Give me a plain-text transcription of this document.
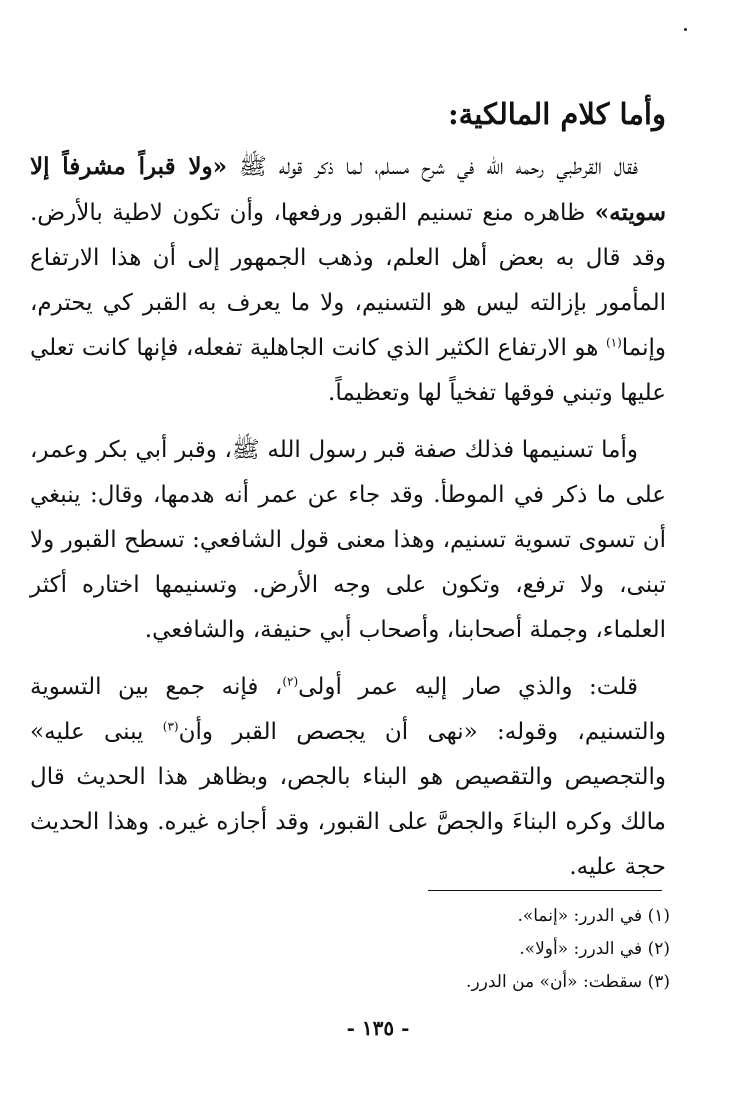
وأما كلام المالكية:
فقال القرطبي رحمه الله في شرح مسلم، لما ذكر قوله ﷺ «ولا قبراً مشرفاً إلا سويته» ظاهره منع تسنيم القبور ورفعها، وأن تكون لاطية بالأرض. وقد قال به بعض أهل العلم، وذهب الجمهور إلى أن هذا الارتفاع المأمور بإزالته ليس هو التسنيم، ولا ما يعرف به القبر كي يحترم، وإنما$^{(١)}$ هو الارتفاع الكثير الذي كانت الجاهلية تفعله، فإنها كانت تعلي عليها وتبني فوقها تفخياً لها وتعظيماً.
وأما تسنيمها فذلك صفة قبر رسول الله ﷺ، وقبر أبي بكر وعمر، على ما ذكر في الموطأ. وقد جاء عن عمر أنه هدمها، وقال: ينبغي أن تسوى تسوية تسنيم، وهذا معنى قول الشافعي: تسطح القبور ولا تبنى، ولا ترفع، وتكون على وجه الأرض. وتسنيمها اختاره أكثر العلماء، وجملة أصحابنا، وأصحاب أبي حنيفة، والشافعي.
قلت: والذي صار إليه عمر أولى$^{(٢)}$، فإنه جمع بين التسوية والتسنيم، وقوله: «نهى أن يجصص القبر وأن$^{(٣)}$ يبنى عليه» والتجصيص والتقصيص هو البناء بالجص، وبظاهر هذا الحديث قال مالك وكره البناءَ والجصَّ على القبور، وقد أجازه غيره. وهذا الحديث حجة عليه.
(١) في الدرر: «إنما».
(٢) في الدرر: «أولا».
(٣) سقطت: «أن» من الدرر.
- ١٣٥ -
